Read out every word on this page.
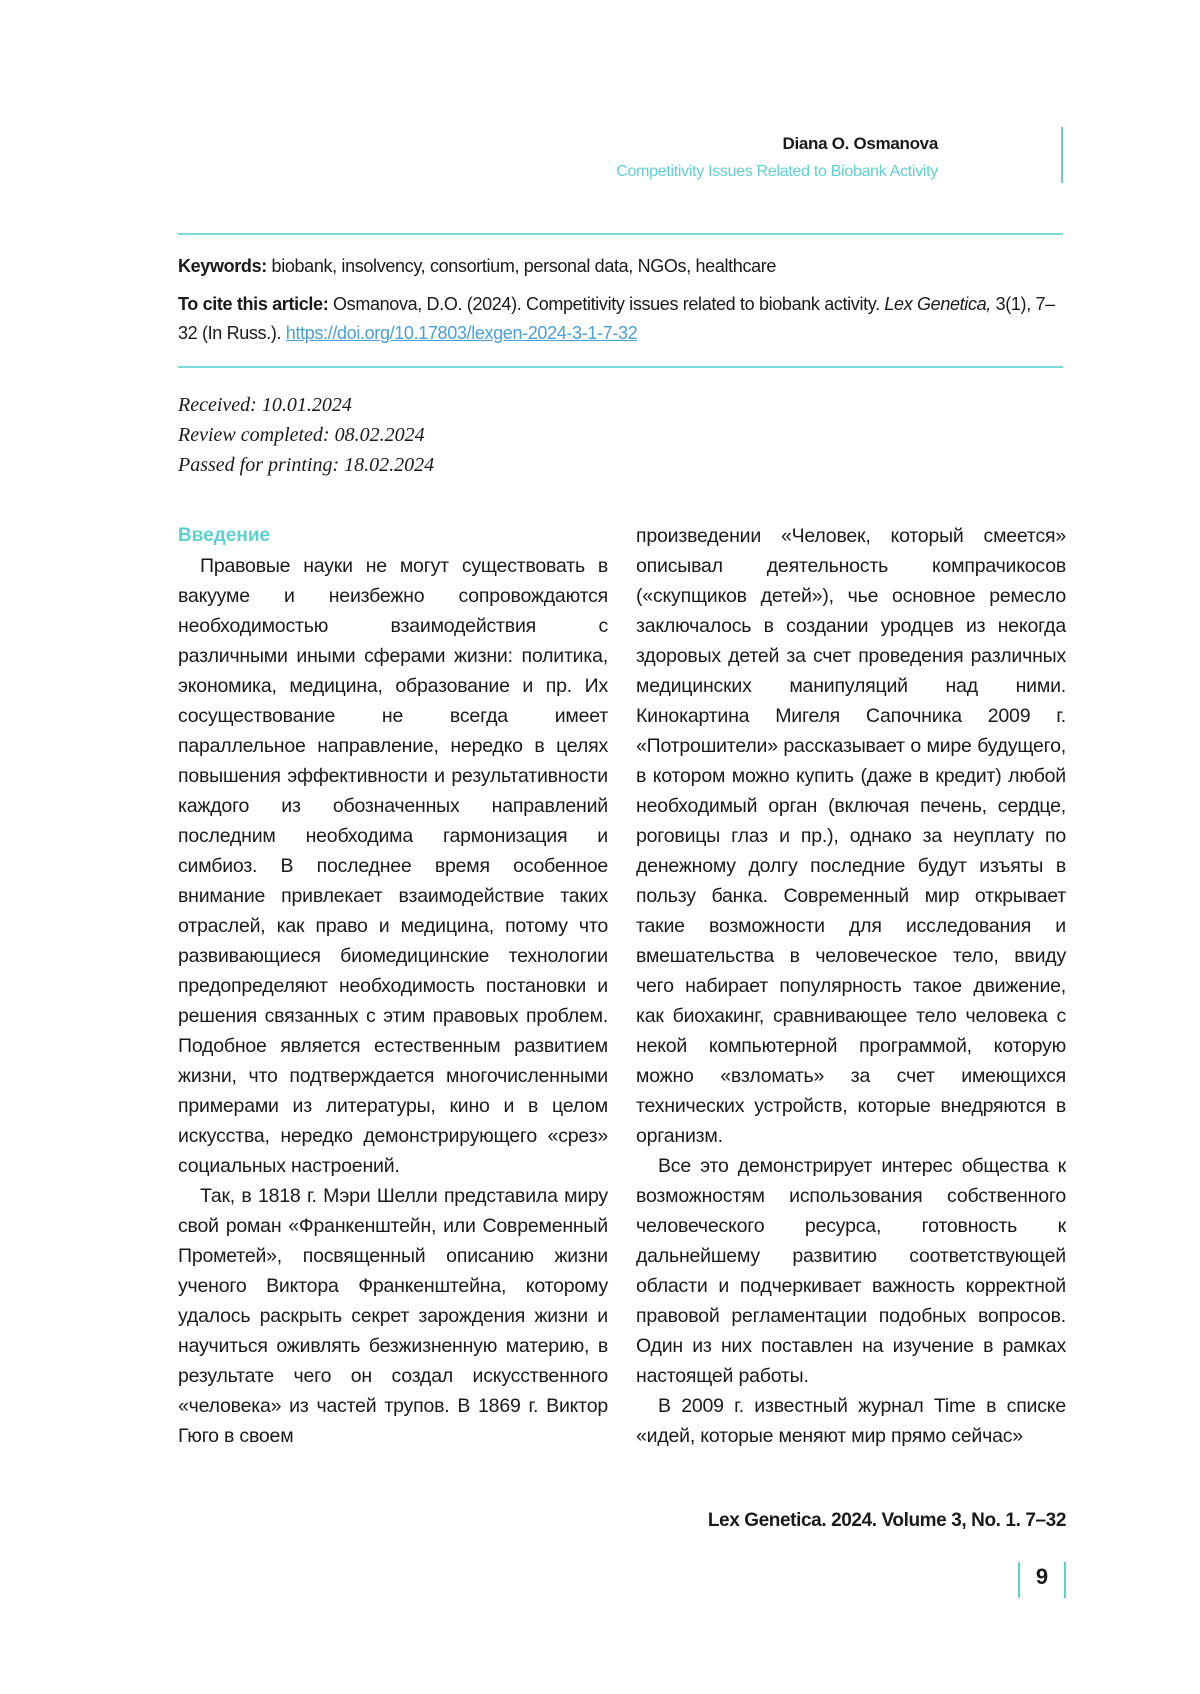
Diana O. Osmanova
Competitivity Issues Related to Biobank Activity
Keywords: biobank, insolvency, consortium, personal data, NGOs, healthcare
To cite this article: Osmanova, D.O. (2024). Competitivity issues related to biobank activity. Lex Genetica, 3(1), 7–32 (In Russ.). https://doi.org/10.17803/lexgen-2024-3-1-7-32
Received: 10.01.2024
Review completed: 08.02.2024
Passed for printing: 18.02.2024
Введение

Правовые науки не могут существовать в вакууме и неизбежно сопровождаются необходимостью взаимодействия с различными иными сферами жизни: политика, экономика, медицина, образование и пр. Их сосуществование не всегда имеет параллельное направление, нередко в целях повышения эффективности и результативности каждого из обозначенных направлений последним необходима гармонизация и симбиоз. В последнее время особенное внимание привлекает взаимодействие таких отраслей, как право и медицина, потому что развивающиеся биомедицинские технологии предопределяют необходимость постановки и решения связанных с этим правовых проблем. Подобное является естественным развитием жизни, что подтверждается многочисленными примерами из литературы, кино и в целом искусства, нередко демонстрирующего «срез» социальных настроений.

Так, в 1818 г. Мэри Шелли представила миру свой роман «Франкенштейн, или Современный Прометей», посвященный описанию жизни ученого Виктора Франкенштейна, которому удалось раскрыть секрет зарождения жизни и научиться оживлять безжизненную материю, в результате чего он создал искусственного «человека» из частей трупов. В 1869 г. Виктор Гюго в своем

произведении «Человек, который смеется» описывал деятельность компрачикосов («скупщиков детей»), чье основное ремесло заключалось в создании уродцев из некогда здоровых детей за счет проведения различных медицинских манипуляций над ними. Кинокартина Мигеля Сапочника 2009 г. «Потрошители» рассказывает о мире будущего, в котором можно купить (даже в кредит) любой необходимый орган (включая печень, сердце, роговицы глаз и пр.), однако за неуплату по денежному долгу последние будут изъяты в пользу банка. Современный мир открывает такие возможности для исследования и вмешательства в человеческое тело, ввиду чего набирает популярность такое движение, как биохакинг, сравнивающее тело человека с некой компьютерной программой, которую можно «взломать» за счет имеющихся технических устройств, которые внедряются в организм.

Все это демонстрирует интерес общества к возможностям использования собственного человеческого ресурса, готовность к дальнейшему развитию соответствующей области и подчеркивает важность корректной правовой регламентации подобных вопросов. Один из них поставлен на изучение в рамках настоящей работы.

В 2009 г. известный журнал Time в списке «идей, которые меняют мир прямо сейчас»

Lex Genetica. 2024. Volume 3, No. 1. 7–32
9
